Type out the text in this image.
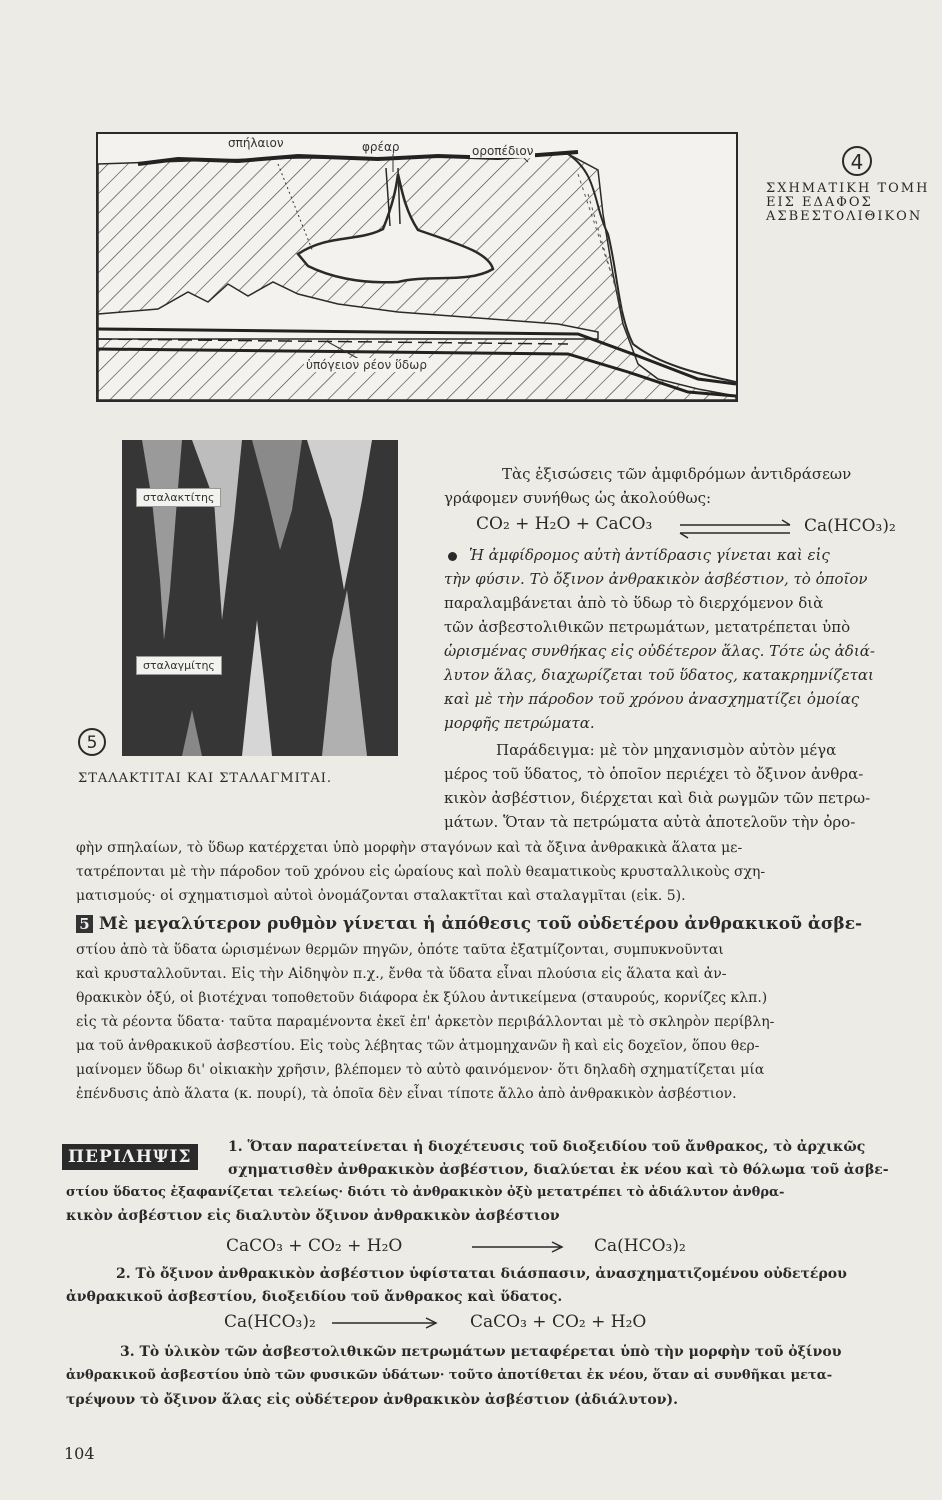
σπήλαιον	φρέαρ	οροπέδιον
ὑπόγειον ρέον ὕδωρ
4
ΣΧΗΜΑΤΙΚΗ ΤΟΜΗ
ΕΙΣ ΕΔΑΦΟΣ
ΑΣΒΕΣΤΟΛΙΘΙΚΟΝ
σταλακτίτης
σταλαγμίτης
5
ΣΤΑΛΑΚΤΙΤΑΙ ΚΑΙ ΣΤΑΛΑΓΜΙΤΑΙ.
Τὰς ἐξισώσεις τῶν ἀμφιδρόμων ἀντιδράσεων
γράφομεν συνήθως ὡς ἀκολούθως:
CO₂ + H₂O + CaCO₃	Ca(HCO₃)₂
Ἡ ἀμφίδρομος αὐτὴ ἀντίδρασις γίνεται καὶ εἰς
τὴν φύσιν. Τὸ ὄξινον ἀνθρακικὸν ἀσβέστιον, τὸ ὁποῖον
παραλαμβάνεται ἀπὸ τὸ ὕδωρ τὸ διερχόμενον διὰ
τῶν ἀσβεστολιθικῶν πετρωμάτων, μετατρέπεται ὑπὸ
ὡρισμένας συνθήκας εἰς οὐδέτερον ἅλας. Τότε ὡς ἀδιά-
λυτον ἅλας, διαχωρίζεται τοῦ ὕδατος, κατακρημνίζεται
καὶ μὲ τὴν πάροδον τοῦ χρόνου ἀνασχηματίζει ὁμοίας
μορφῆς πετρώματα.
Παράδειγμα: μὲ τὸν μηχανισμὸν αὐτὸν μέγα
μέρος τοῦ ὕδατος, τὸ ὁποῖον περιέχει τὸ ὄξινον ἀνθρα-
κικὸν ἀσβέστιον, διέρχεται καὶ διὰ ρωγμῶν τῶν πετρω-
μάτων. Ὅταν τὰ πετρώματα αὐτὰ ἀποτελοῦν τὴν ὀρο-
φὴν σπηλαίων, τὸ ὕδωρ κατέρχεται ὑπὸ μορφὴν σταγόνων καὶ τὰ ὄξινα ἀνθρακικὰ ἅλατα με-
τατρέπονται μὲ τὴν πάροδον τοῦ χρόνου εἰς ὡραίους καὶ πολὺ θεαματικοὺς κρυσταλλικοὺς σχη-
ματισμούς· οἱ σχηματισμοὶ αὐτοὶ ὀνομάζονται σταλακτῖται καὶ σταλαγμῖται (εἰκ. 5).
5 Μὲ μεγαλύτερον ρυθμὸν γίνεται ἡ ἀπόθεσις τοῦ οὐδετέρου ἀνθρακικοῦ ἀσβε-
στίου ἀπὸ τὰ ὕδατα ὡρισμένων θερμῶν πηγῶν, ὁπότε ταῦτα ἐξατμίζονται, συμπυκνοῦνται
καὶ κρυσταλλοῦνται. Εἰς τὴν Αἰδηψὸν π.χ., ἔνθα τὰ ὕδατα εἶναι πλούσια εἰς ἅλατα καὶ ἀν-
θρακικὸν ὀξύ, οἱ βιοτέχναι τοποθετοῦν διάφορα ἐκ ξύλου ἀντικείμενα (σταυρούς, κορνίζες κλπ.)
εἰς τὰ ρέοντα ὕδατα· ταῦτα παραμένοντα ἐκεῖ ἐπ' ἀρκετὸν περιβάλλονται μὲ τὸ σκληρὸν περίβλη-
μα τοῦ ἀνθρακικοῦ ἀσβεστίου. Εἰς τοὺς λέβητας τῶν ἀτμομηχανῶν ἢ καὶ εἰς δοχεῖον, ὅπου θερ-
μαίνομεν ὕδωρ δι' οἰκιακὴν χρῆσιν, βλέπομεν τὸ αὐτὸ φαινόμενον· ὅτι δηλαδὴ σχηματίζεται μία
ἐπένδυσις ἀπὸ ἅλατα (κ. πουρί), τὰ ὁποῖα δὲν εἶναι τίποτε ἄλλο ἀπὸ ἀνθρακικὸν ἀσβέστιον.
ΠΕΡΙΛΗΨΙΣ	1. Ὅταν παρατείνεται ἡ διοχέτευσις τοῦ διοξειδίου τοῦ ἄνθρακος, τὸ ἀρχικῶς
σχηματισθὲν ἀνθρακικὸν ἀσβέστιον, διαλύεται ἐκ νέου καὶ τὸ θόλωμα τοῦ ἀσβε-
στίου ὕδατος ἐξαφανίζεται τελείως· διότι τὸ ἀνθρακικὸν ὀξὺ μετατρέπει τὸ ἀδιάλυτον ἀνθρα-
κικὸν ἀσβέστιον εἰς διαλυτὸν ὄξινον ἀνθρακικὸν ἀσβέστιον
CaCO₃ + CO₂ + H₂O	Ca(HCO₃)₂
2. Τὸ ὄξινον ἀνθρακικὸν ἀσβέστιον ὑφίσταται διάσπασιν, ἀνασχηματιζομένου οὐδετέρου
ἀνθρακικοῦ ἀσβεστίου, διοξειδίου τοῦ ἄνθρακος καὶ ὕδατος.
Ca(HCO₃)₂	CaCO₃ + CO₂ + H₂O
3. Τὸ ὑλικὸν τῶν ἀσβεστολιθικῶν πετρωμάτων μεταφέρεται ὑπὸ τὴν μορφὴν τοῦ ὀξίνου
ἀνθρακικοῦ ἀσβεστίου ὑπὸ τῶν φυσικῶν ὑδάτων· τοῦτο ἀποτίθεται ἐκ νέου, ὅταν αἱ συνθῆκαι μετα-
τρέψουν τὸ ὄξινον ἅλας εἰς οὐδέτερον ἀνθρακικὸν ἀσβέστιον (ἀδιάλυτον).
104
